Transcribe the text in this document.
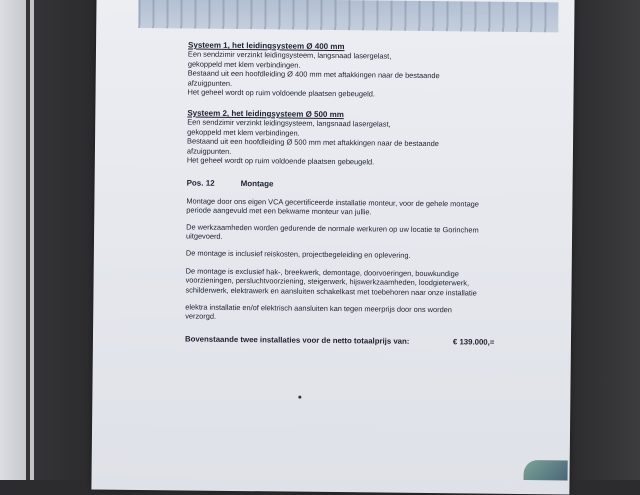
Systeem 1, het leidingsysteem Ø 400 mm
Een sendzimir verzinkt leidingsysteem, langsnaad lasergelast,
gekoppeld met klem verbindingen.
Bestaand uit een hoofdleiding Ø 400 mm met aftakkingen naar de bestaande
afzuigpunten.
Het geheel wordt op ruim voldoende plaatsen gebeugeld.
Systeem 2, het leidingsysteem Ø 500 mm
Een sendzimir verzinkt leidingsysteem, langsnaad lasergelast,
gekoppeld met klem verbindingen.
Bestaand uit een hoofdleiding Ø 500 mm met aftakkingen naar de bestaande
afzuigpunten.
Het geheel wordt op ruim voldoende plaatsen gebeugeld.
Pos. 12	Montage
Montage door ons eigen VCA gecertificeerde installatie monteur, voor de gehele montage
periode aangevuld met een bekwame monteur van jullie.
De werkzaamheden worden gedurende de normale werkuren op uw locatie te Gorinchem
uitgevoerd.
De montage is inclusief reiskosten, projectbegeleiding en oplevering.
De montage is exclusief hak-, breekwerk, demontage, doorvoeringen, bouwkundige
voorzieningen, persluchtvoorziening, steigerwerk, hijswerkzaamheden, loodgieterwerk,
schilderwerk, elektrawerk en aansluiten schakelkast met toebehoren naar onze installatie
elektra installatie en/of elektrisch aansluiten kan tegen meerprijs door ons worden
verzorgd.
Bovenstaande twee installaties voor de netto totaalprijs van:	€ 139.000,=
